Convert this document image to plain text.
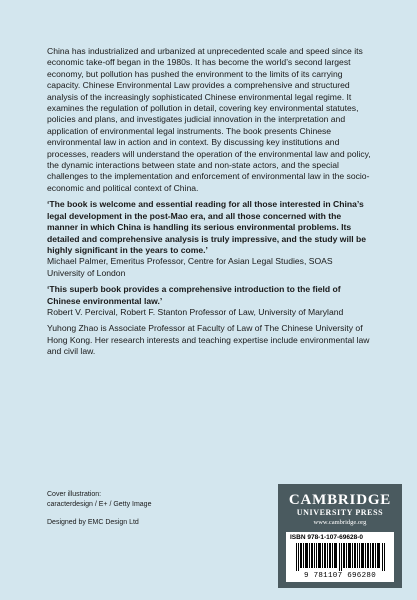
China has industrialized and urbanized at unprecedented scale and speed since its economic take-off began in the 1980s. It has become the world’s second largest economy, but pollution has pushed the environment to the limits of its carrying capacity. Chinese Environmental Law provides a comprehensive and structured analysis of the increasingly sophisticated Chinese environmental legal regime. It examines the regulation of pollution in detail, covering key environmental statutes, policies and plans, and investigates judicial innovation in the interpretation and application of environmental legal instruments. The book presents Chinese environmental law in action and in context. By discussing key institutions and processes, readers will understand the operation of the environmental law and policy, the dynamic interactions between state and non-state actors, and the special challenges to the implementation and enforcement of environmental law in the socio-economic and political context of China.

‘The book is welcome and essential reading for all those interested in China’s legal development in the post-Mao era, and all those concerned with the manner in which China is handling its serious environmental problems. Its detailed and comprehensive analysis is truly impressive, and the study will be highly significant in the years to come.’

Michael Palmer, Emeritus Professor, Centre for Asian Legal Studies, SOAS University of London

‘This superb book provides a comprehensive introduction to the field of Chinese environmental law.’

Robert V. Percival, Robert F. Stanton Professor of Law, University of Maryland

Yuhong Zhao is Associate Professor at Faculty of Law of The Chinese University of Hong Kong. Her research interests and teaching expertise include environmental law and civil law.

Cover illustration:

caracterdesign / E+ / Getty Image

Designed by EMC Design Ltd

CAMBRIDGE
UNIVERSITY PRESS
www.cambridge.org
ISBN 978-1-107-69628-0
9 781107 696280
